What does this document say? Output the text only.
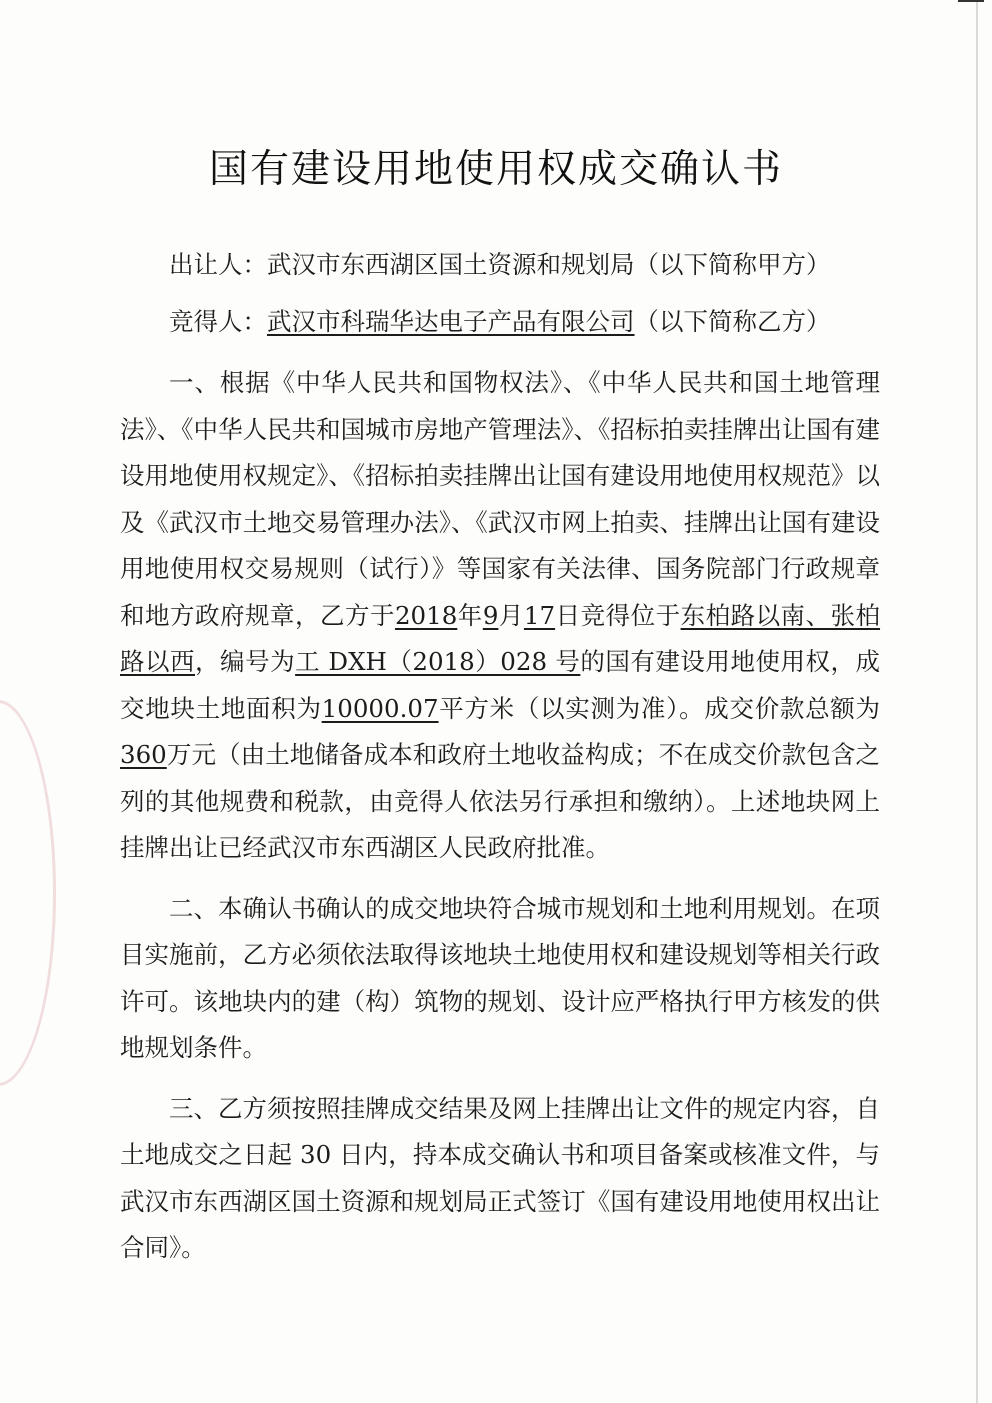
国有建设用地使用权成交确认书

出让人：武汉市东西湖区国土资源和规划局（以下简称甲方）

竞得人：武汉市科瑞华达电子产品有限公司（以下简称乙方）

一、根据《中华人民共和国物权法》、《中华人民共和国土地管理法》、《中华人民共和国城市房地产管理法》、《招标拍卖挂牌出让国有建设用地使用权规定》、《招标拍卖挂牌出让国有建设用地使用权规范》以及《武汉市土地交易管理办法》、《武汉市网上拍卖、挂牌出让国有建设用地使用权交易规则（试行）》等国家有关法律、国务院部门行政规章和地方政府规章，乙方于2018年9月17日竞得位于东柏路以南、张柏路以西，编号为工 DXH（2018）028 号的国有建设用地使用权，成交地块土地面积为10000.07平方米（以实测为准）。成交价款总额为360万元（由土地储备成本和政府土地收益构成；不在成交价款包含之列的其他规费和税款，由竞得人依法另行承担和缴纳）。上述地块网上挂牌出让已经武汉市东西湖区人民政府批准。

二、本确认书确认的成交地块符合城市规划和土地利用规划。在项目实施前，乙方必须依法取得该地块土地使用权和建设规划等相关行政许可。该地块内的建（构）筑物的规划、设计应严格执行甲方核发的供地规划条件。

三、乙方须按照挂牌成交结果及网上挂牌出让文件的规定内容，自土地成交之日起 30 日内，持本成交确认书和项目备案或核准文件，与武汉市东西湖区国土资源和规划局正式签订《国有建设用地使用权出让合同》。
